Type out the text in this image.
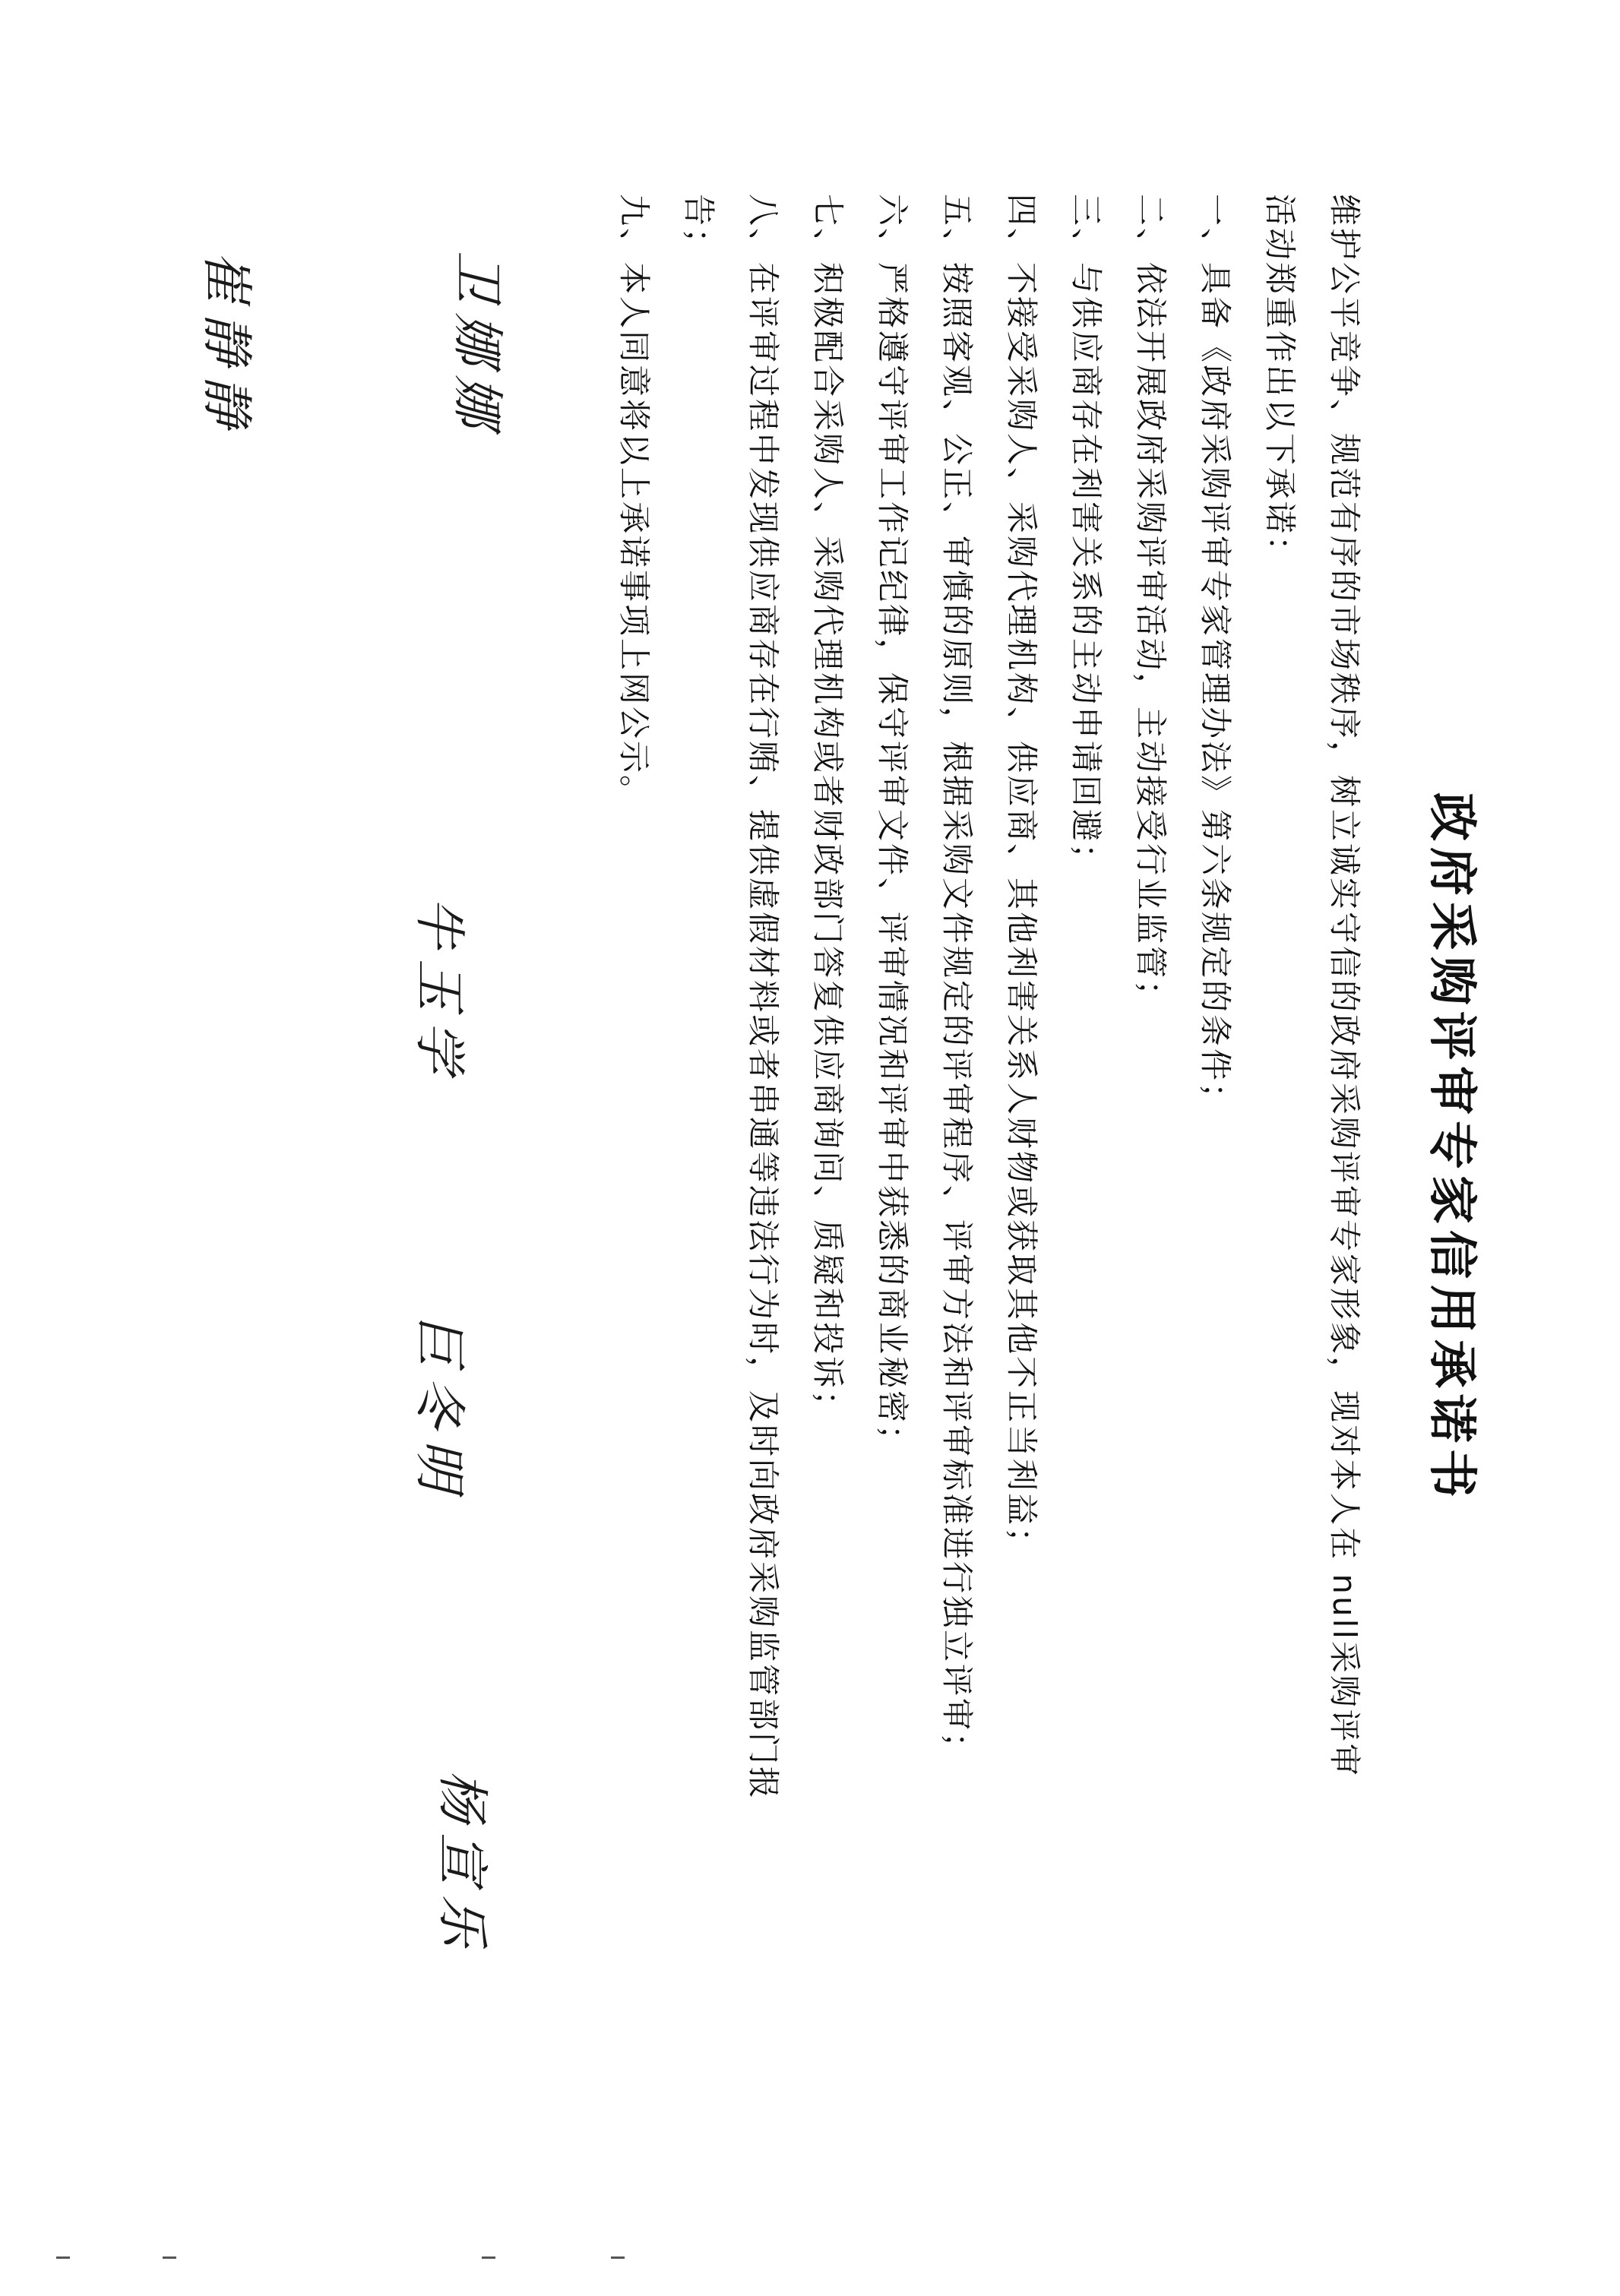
政府采购评审专家信用承诺书
维护公平竞争、规范有序的市场秩序，树立诚实守信的政府采购评审专家形象，现对本人在 null采购评审
活动郑重作出以下承诺：
一、具备《政府采购评审专家管理办法》第六条规定的条件；
二、依法开展政府采购评审活动，主动接受行业监管；
三、与供应商存在利害关系的主动申请回避；
四、不接受采购人、采购代理机构、供应商、其他利害关系人财物或获取其他不正当利益；
五、按照客观、公正、审慎的原则，根据采购文件规定的评审程序、评审方法和评审标准进行独立评审；
六、严格遵守评审工作记纪律，保守评审文件、评审情况和评审中获悉的商业秘密；
七、积极配合采购人、采购代理机构或者财政部门答复供应商询问、质疑和投诉；
八、在评审过程中发现供应商存在行贿、提供虚假材料或者串通等违法行为时，及时向政府采购监管部门报
告；
九、本人同意将以上承诺事项上网公示。
卫娜娜
牛玉学
巨冬明
杨宣乐
崔静静
